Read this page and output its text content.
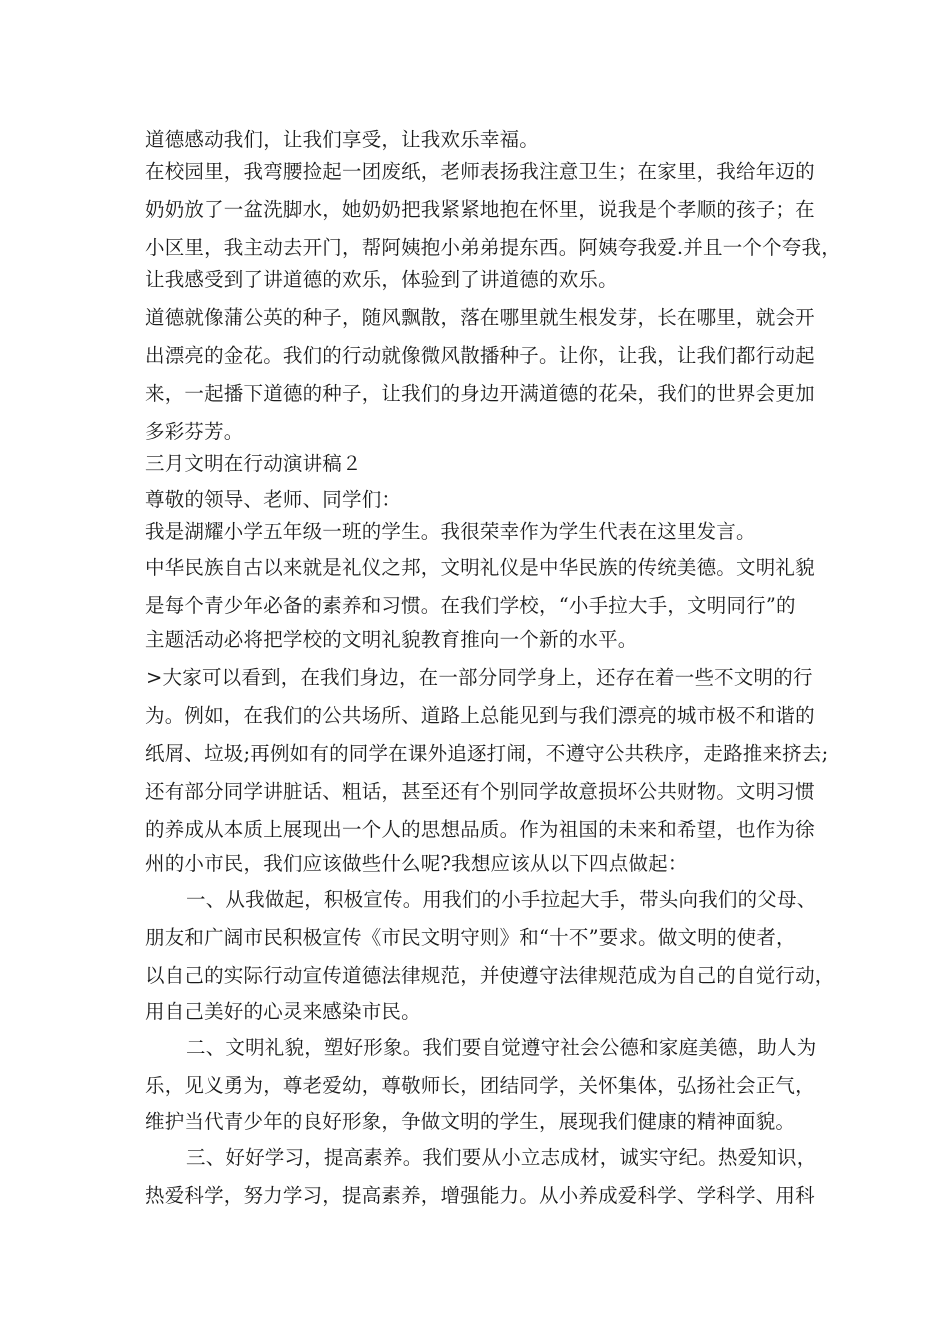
道德感动我们，让我们享受，让我欢乐幸福。
在校园里，我弯腰捡起一团废纸，老师表扬我注意卫生；在家里，我给年迈的
奶奶放了一盆洗脚水，她奶奶把我紧紧地抱在怀里，说我是个孝顺的孩子；在
小区里，我主动去开门，帮阿姨抱小弟弟提东西。阿姨夸我爱.并且一个个夸我，
让我感受到了讲道德的欢乐，体验到了讲道德的欢乐。
道德就像蒲公英的种子，随风飘散，落在哪里就生根发芽，长在哪里，就会开
出漂亮的金花。我们的行动就像微风散播种子。让你，让我，让我们都行动起
来，一起播下道德的种子，让我们的身边开满道德的花朵，我们的世界会更加
多彩芬芳。
三月文明在行动演讲稿２
尊敬的领导、老师、同学们：
我是湖耀小学五年级一班的学生。我很荣幸作为学生代表在这里发言。
中华民族自古以来就是礼仪之邦，文明礼仪是中华民族的传统美德。文明礼貌
是每个青少年必备的素养和习惯。在我们学校，“小手拉大手，文明同行”的
主题活动必将把学校的文明礼貌教育推向一个新的水平。
>大家可以看到，在我们身边，在一部分同学身上，还存在着一些不文明的行
为。例如，在我们的公共场所、道路上总能见到与我们漂亮的城市极不和谐的
纸屑、垃圾;再例如有的同学在课外追逐打闹，不遵守公共秩序，走路推来挤去;
还有部分同学讲脏话、粗话，甚至还有个别同学故意损坏公共财物。文明习惯
的养成从本质上展现出一个人的思想品质。作为祖国的未来和希望，也作为徐
州的小市民，我们应该做些什么呢?我想应该从以下四点做起：
一、从我做起，积极宣传。用我们的小手拉起大手，带头向我们的父母、
朋友和广阔市民积极宣传《市民文明守则》和“十不”要求。做文明的使者，
以自己的实际行动宣传道德法律规范，并使遵守法律规范成为自己的自觉行动，
用自己美好的心灵来感染市民。
二、文明礼貌，塑好形象。我们要自觉遵守社会公德和家庭美德，助人为
乐，见义勇为，尊老爱幼，尊敬师长，团结同学，关怀集体，弘扬社会正气，
维护当代青少年的良好形象，争做文明的学生，展现我们健康的精神面貌。
三、好好学习，提高素养。我们要从小立志成材，诚实守纪。热爱知识，
热爱科学，努力学习，提高素养，增强能力。从小养成爱科学、学科学、用科
